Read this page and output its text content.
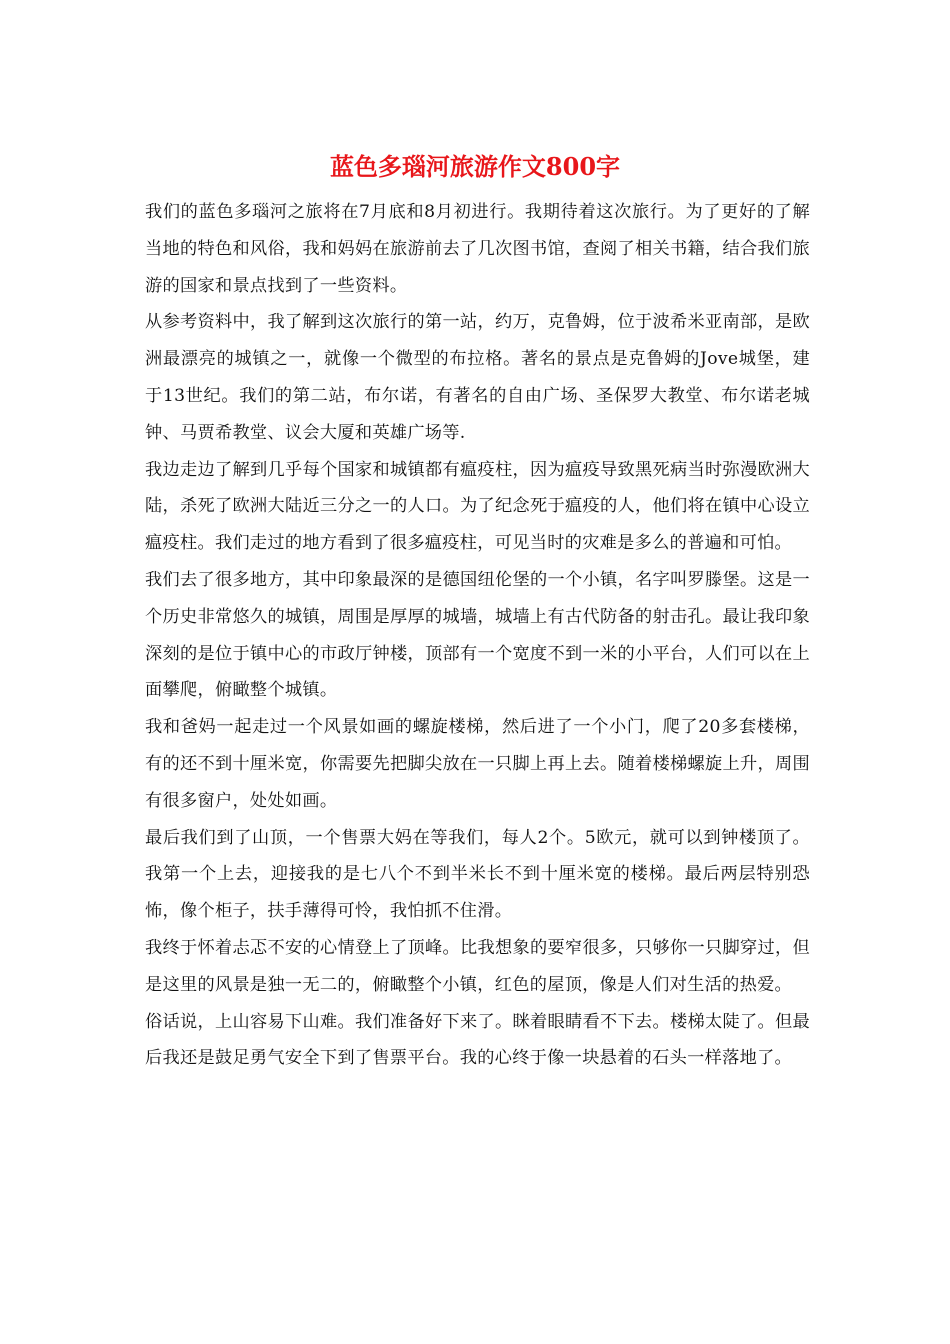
蓝色多瑙河旅游作文800字

我们的蓝色多瑙河之旅将在7月底和8月初进行。我期待着这次旅行。为了更好的了解当地的特色和风俗，我和妈妈在旅游前去了几次图书馆，查阅了相关书籍，结合我们旅游的国家和景点找到了一些资料。

从参考资料中，我了解到这次旅行的第一站，约万，克鲁姆，位于波希米亚南部，是欧洲最漂亮的城镇之一，就像一个微型的布拉格。著名的景点是克鲁姆的Jove城堡，建于13世纪。我们的第二站，布尔诺，有著名的自由广场、圣保罗大教堂、布尔诺老城钟、马贾希教堂、议会大厦和英雄广场等.

我边走边了解到几乎每个国家和城镇都有瘟疫柱，因为瘟疫导致黑死病当时弥漫欧洲大陆，杀死了欧洲大陆近三分之一的人口。为了纪念死于瘟疫的人，他们将在镇中心设立瘟疫柱。我们走过的地方看到了很多瘟疫柱，可见当时的灾难是多么的普遍和可怕。

我们去了很多地方，其中印象最深的是德国纽伦堡的一个小镇，名字叫罗滕堡。这是一个历史非常悠久的城镇，周围是厚厚的城墙，城墙上有古代防备的射击孔。最让我印象深刻的是位于镇中心的市政厅钟楼，顶部有一个宽度不到一米的小平台，人们可以在上面攀爬，俯瞰整个城镇。

我和爸妈一起走过一个风景如画的螺旋楼梯，然后进了一个小门，爬了20多套楼梯，有的还不到十厘米宽，你需要先把脚尖放在一只脚上再上去。随着楼梯螺旋上升，周围有很多窗户，处处如画。

最后我们到了山顶，一个售票大妈在等我们，每人2个。5欧元，就可以到钟楼顶了。我第一个上去，迎接我的是七八个不到半米长不到十厘米宽的楼梯。最后两层特别恐怖，像个柜子，扶手薄得可怜，我怕抓不住滑。

我终于怀着忐忑不安的心情登上了顶峰。比我想象的要窄很多，只够你一只脚穿过，但是这里的风景是独一无二的，俯瞰整个小镇，红色的屋顶，像是人们对生活的热爱。

俗话说，上山容易下山难。我们准备好下来了。眯着眼睛看不下去。楼梯太陡了。但最后我还是鼓足勇气安全下到了售票平台。我的心终于像一块悬着的石头一样落地了。
